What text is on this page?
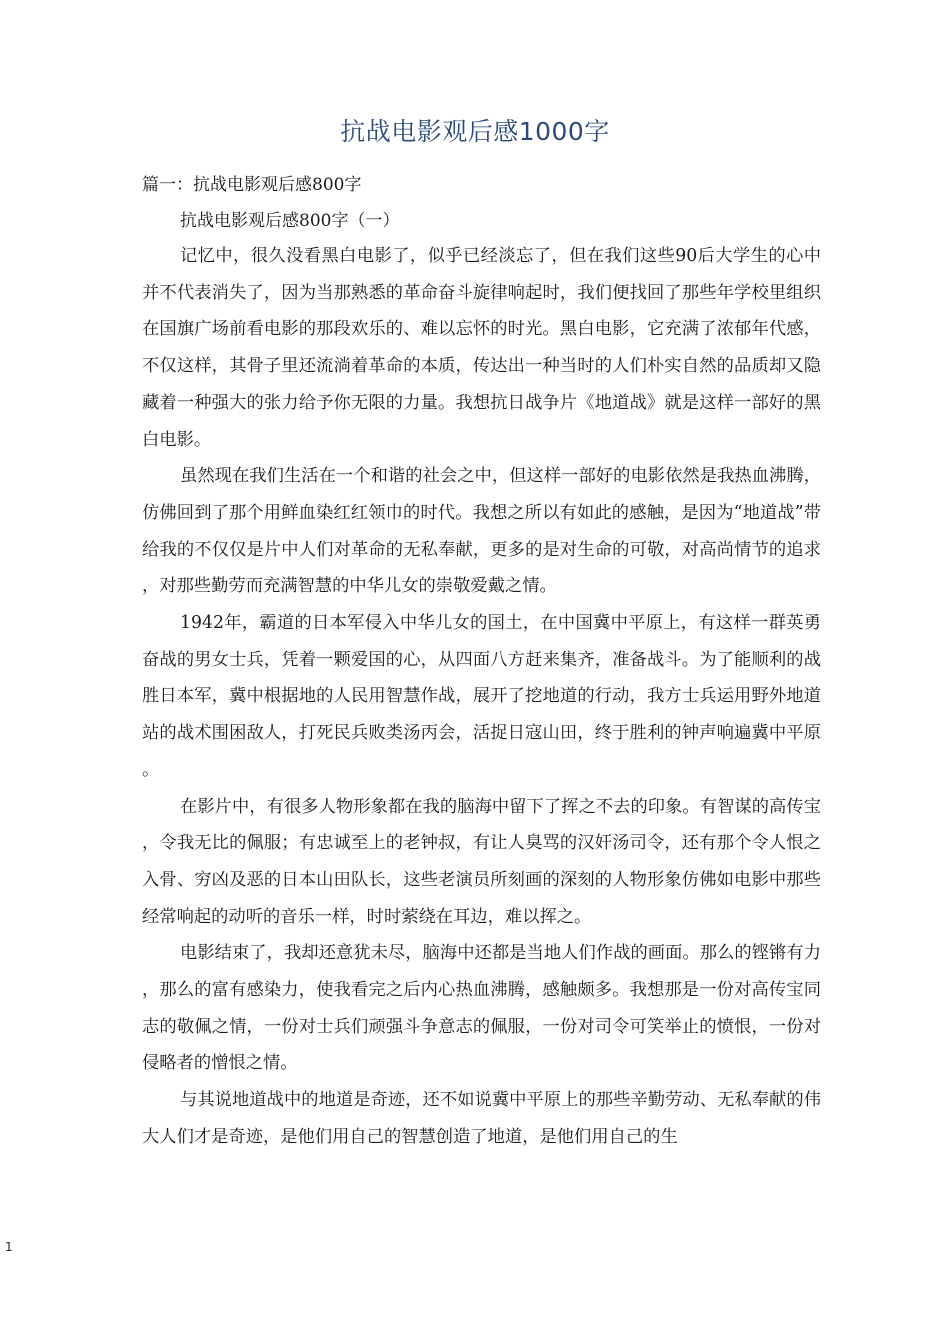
抗战电影观后感1000字
篇一：抗战电影观后感800字
抗战电影观后感800字（一）

记忆中，很久没看黑白电影了，似乎已经淡忘了，但在我们这些90后大学生的心中并不代表消失了，因为当那熟悉的革命奋斗旋律响起时，我们便找回了那些年学校里组织在国旗广场前看电影的那段欢乐的、难以忘怀的时光。黑白电影，它充满了浓郁年代感，不仅这样，其骨子里还流淌着革命的本质，传达出一种当时的人们朴实自然的品质却又隐藏着一种强大的张力给予你无限的力量。我想抗日战争片《地道战》就是这样一部好的黑白电影。

虽然现在我们生活在一个和谐的社会之中，但这样一部好的电影依然是我热血沸腾，仿佛回到了那个用鲜血染红红领巾的时代。我想之所以有如此的感触，是因为“地道战”带给我的不仅仅是片中人们对革命的无私奉献，更多的是对生命的可敬，对高尚情节的追求，对那些勤劳而充满智慧的中华儿女的崇敬爱戴之情。

1942年，霸道的日本军侵入中华儿女的国土，在中国冀中平原上，有这样一群英勇奋战的男女士兵，凭着一颗爱国的心，从四面八方赶来集齐，准备战斗。为了能顺利的战胜日本军，冀中根据地的人民用智慧作战，展开了挖地道的行动，我方士兵运用野外地道站的战术围困敌人，打死民兵败类汤丙会，活捉日寇山田，终于胜利的钟声响遍冀中平原。

在影片中，有很多人物形象都在我的脑海中留下了挥之不去的印象。有智谋的高传宝，令我无比的佩服；有忠诚至上的老钟叔，有让人臭骂的汉奸汤司令，还有那个令人恨之入骨、穷凶及恶的日本山田队长，这些老演员所刻画的深刻的人物形象仿佛如电影中那些经常响起的动听的音乐一样，时时萦绕在耳边，难以挥之。

电影结束了，我却还意犹未尽，脑海中还都是当地人们作战的画面。那么的铿锵有力，那么的富有感染力，使我看完之后内心热血沸腾，感触颇多。我想那是一份对高传宝同志的敬佩之情，一份对士兵们顽强斗争意志的佩服，一份对司令可笑举止的愤恨，一份对侵略者的憎恨之情。

与其说地道战中的地道是奇迹，还不如说冀中平原上的那些辛勤劳动、无私奉献的伟大人们才是奇迹，是他们用自己的智慧创造了地道，是他们用自己的生

1
